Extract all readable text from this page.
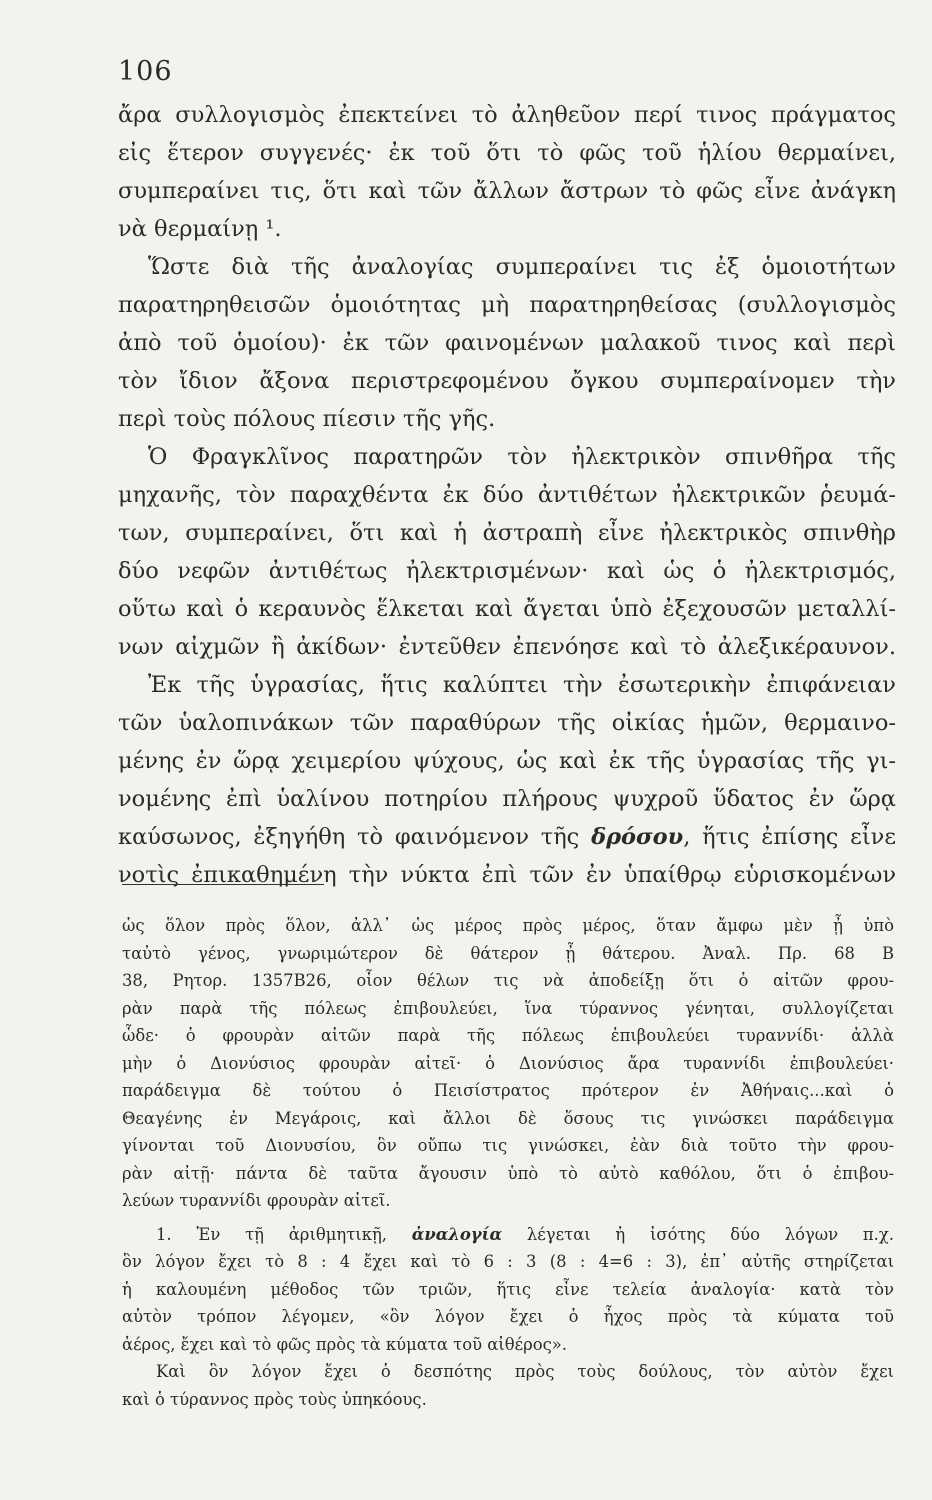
106
ἄρα συλλογισμὸς ἐπεκτείνει τὸ ἀληθεῦον περί τινος πράγματος
εἰς ἕτερον συγγενές· ἐκ τοῦ ὅτι τὸ φῶς τοῦ ἡλίου θερμαίνει,
συμπεραίνει τις, ὅτι καὶ τῶν ἄλλων ἄστρων τὸ φῶς εἶνε ἀνάγκη
νὰ θερμαίνῃ ¹.
Ὥστε διὰ τῆς ἀναλογίας συμπεραίνει τις ἐξ ὁμοιοτήτων
παρατηρηθεισῶν ὁμοιότητας μὴ παρατηρηθείσας (συλλογισμὸς
ἀπὸ τοῦ ὁμοίου)· ἐκ τῶν φαινομένων μαλακοῦ τινος καὶ περὶ
τὸν ἴδιον ἄξονα περιστρεφομένου ὄγκου συμπεραίνομεν τὴν
περὶ τοὺς πόλους πίεσιν τῆς γῆς.
Ὁ Φραγκλῖνος παρατηρῶν τὸν ἠλεκτρικὸν σπινθῆρα τῆς
μηχανῆς, τὸν παραχθέντα ἐκ δύο ἀντιθέτων ἠλεκτρικῶν ῥευμά-
των, συμπεραίνει, ὅτι καὶ ἡ ἀστραπὴ εἶνε ἠλεκτρικὸς σπινθὴρ
δύο νεφῶν ἀντιθέτως ἠλεκτρισμένων· καὶ ὡς ὁ ἠλεκτρισμός,
οὕτω καὶ ὁ κεραυνὸς ἕλκεται καὶ ἄγεται ὑπὸ ἐξεχουσῶν μεταλλί-
νων αἰχμῶν ἢ ἀκίδων· ἐντεῦθεν ἐπενόησε καὶ τὸ ἀλεξικέραυνον.
Ἐκ τῆς ὑγρασίας, ἥτις καλύπτει τὴν ἐσωτερικὴν ἐπιφάνειαν
τῶν ὑαλοπινάκων τῶν παραθύρων τῆς οἰκίας ἡμῶν, θερμαινο-
μένης ἐν ὥρᾳ χειμερίου ψύχους, ὡς καὶ ἐκ τῆς ὑγρασίας τῆς γι-
νομένης ἐπὶ ὑαλίνου ποτηρίου πλήρους ψυχροῦ ὕδατος ἐν ὥρᾳ
καύσωνος, ἐξηγήθη τὸ φαινόμενον τῆς δρόσου, ἥτις ἐπίσης εἶνε
νοτὶς ἐπικαθημένη τὴν νύκτα ἐπὶ τῶν ἐν ὑπαίθρῳ εὑρισκομένων
ὡς ὅλον πρὸς ὅλον, ἀλλ᾽ ὡς μέρος πρὸς μέρος, ὅταν ἄμφω μὲν ᾖ ὑπὸ
ταὐτὸ γένος, γνωριμώτερον δὲ θάτερον ᾖ θάτερου. Ἀναλ. Πρ. 68 Β
38, Ρητορ. 1357Β26, οἷον θέλων τις νὰ ἀποδείξῃ ὅτι ὁ αἰτῶν φρου-
ρὰν παρὰ τῆς πόλεως ἐπιβουλεύει, ἵνα τύραννος γένηται, συλλογίζεται
ὧδε· ὁ φρουρὰν αἰτῶν παρὰ τῆς πόλεως ἐπιβουλεύει τυραννίδι· ἀλλὰ
μὴν ὁ Διονύσιος φρουρὰν αἰτεῖ· ὁ Διονύσιος ἄρα τυραννίδι ἐπιβουλεύει·
παράδειγμα δὲ τούτου ὁ Πεισίστρατος πρότερον ἐν Ἀθήναις...καὶ ὁ
Θεαγένης ἐν Μεγάροις, καὶ ἄλλοι δὲ ὅσους τις γινώσκει παράδειγμα
γίνονται τοῦ Διονυσίου, ὃν οὔπω τις γινώσκει, ἐὰν διὰ τοῦτο τὴν φρου-
ρὰν αἰτῇ· πάντα δὲ ταῦτα ἄγουσιν ὑπὸ τὸ αὐτὸ καθόλου, ὅτι ὁ ἐπιβου-
λεύων τυραννίδι φρουρὰν αἰτεῖ.
1. Ἐν τῇ ἀριθμητικῇ, ἀναλογία λέγεται ἡ ἰσότης δύο λόγων π.χ.
ὃν λόγον ἔχει τὸ 8 : 4 ἔχει καὶ τὸ 6 : 3 (8 : 4=6 : 3), ἐπ᾽ αὐτῆς στηρίζεται
ἡ καλουμένη μέθοδος τῶν τριῶν, ἥτις εἶνε τελεία ἀναλογία· κατὰ τὸν
αὐτὸν τρόπον λέγομεν, «ὃν λόγον ἔχει ὁ ἦχος πρὸς τὰ κύματα τοῦ
ἀέρος, ἔχει καὶ τὸ φῶς πρὸς τὰ κύματα τοῦ αἰθέρος».
Καὶ ὃν λόγον ἔχει ὁ δεσπότης πρὸς τοὺς δούλους, τὸν αὐτὸν ἔχει
καὶ ὁ τύραννος πρὸς τοὺς ὑπηκόους.
